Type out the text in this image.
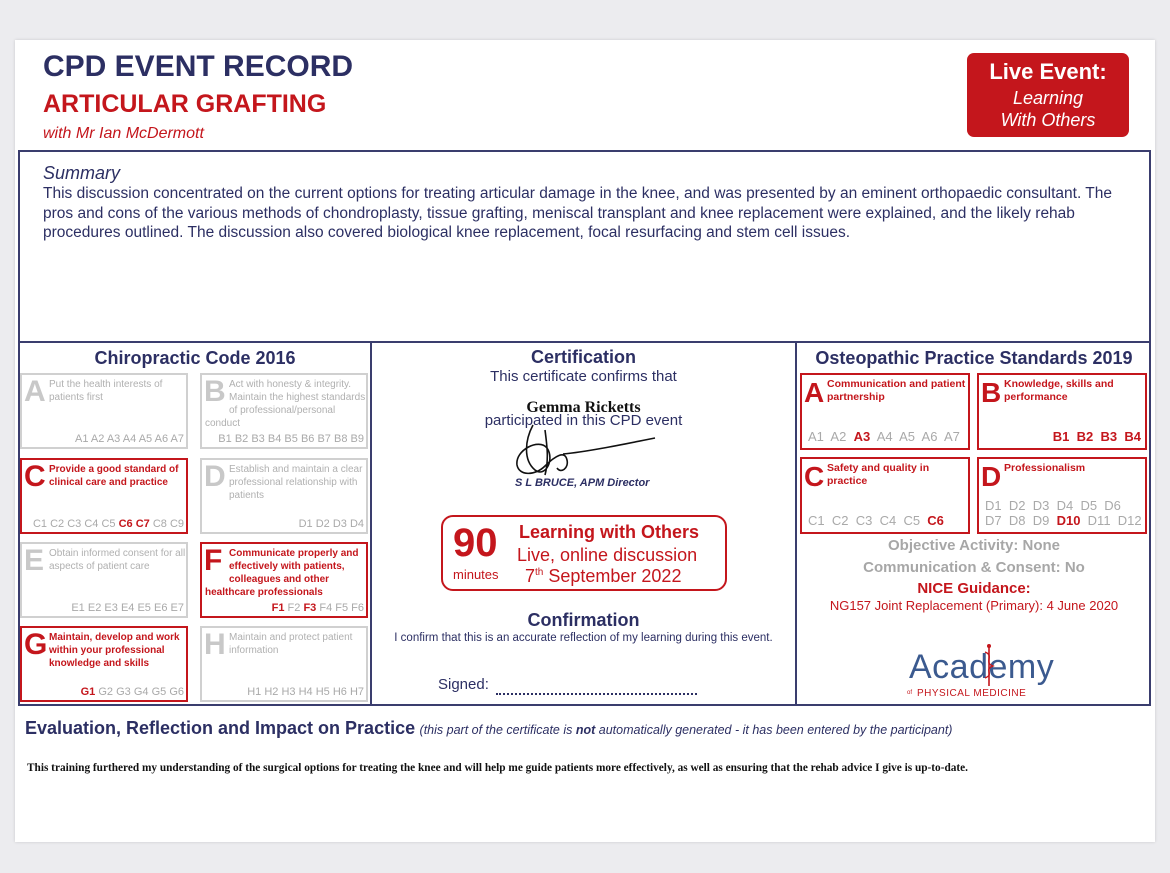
CPD EVENT RECORD
ARTICULAR GRAFTING
with Mr Ian McDermott
Live Event:
Learning
With Others
Summary
This discussion concentrated on the current options for treating articular damage in the knee, and was presented by an eminent orthopaedic consultant. The pros and cons of the various methods of chondroplasty, tissue grafting, meniscal transplant and knee replacement were explained, and the likely rehab procedures outlined. The discussion also covered biological knee replacement, focal resurfacing and stem cell issues.
Chiropractic Code 2016
Put the health interests of patients first
A
A1 A2 A3 A4 A5 A6 A7
Act with honesty & integrity. Maintain the highest standards of professional/personal conduct
B
B1 B2 B3 B4 B5 B6 B7 B8 B9
Provide a good standard of clinical care and practice
C
C1 C2 C3 C4 C5 C6 C7 C8 C9
Establish and maintain a clear professional relationship with patients
D
D1 D2 D3 D4
Obtain informed consent for all aspects of patient care
E
E1 E2 E3 E4 E5 E6 E7
Communicate properly and effectively with patients, colleagues and other healthcare professionals
F
F1 F2 F3 F4 F5 F6
Maintain, develop and work within your professional knowledge and skills
G
G1 G2 G3 G4 G5 G6
Maintain and protect patient information
H
H1 H2 H3 H4 H5 H6 H7
Certification
This certificate confirms that
Gemma Ricketts
participated in this CPD event
S L BRUCE, APM Director
90
minutes
Learning with Others
Live, online discussion
7th September 2022
Confirmation
I confirm that this is an accurate reflection of my learning during this event.
Signed:
Osteopathic Practice Standards 2019
Communication and patient partnership
A
A1 A2 A3 A4 A5 A6 A7
Knowledge, skills and performance
B
B1 B2 B3 B4
Safety and quality in practice
C
C1 C2 C3 C4 C5 C6
Professionalism
D
D1 D2 D3 D4 D5 D6
D7 D8 D9 D10 D11 D12
Objective Activity: None
Communication & Consent: No
NICE Guidance:
NG157 Joint Replacement (Primary): 4 June 2020
Academy
of PHYSICAL MEDICINE
Evaluation, Reflection and Impact on Practice (this part of the certificate is not automatically generated - it has been entered by the participant)
This training furthered my understanding of the surgical options for treating the knee and will help me guide patients more effectively, as well as ensuring that the rehab advice I give is up-to-date.
